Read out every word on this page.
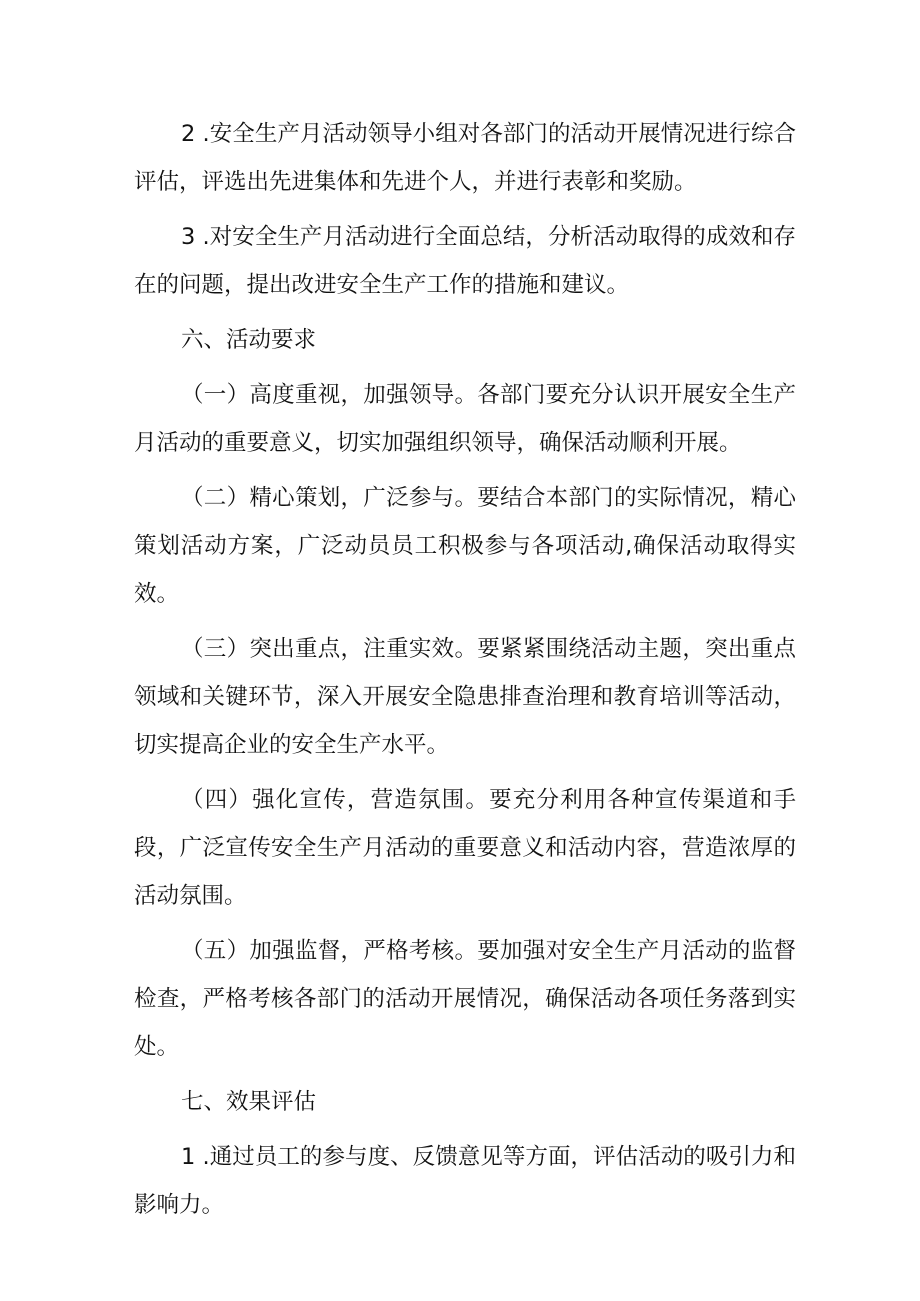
2 .安全生产月活动领导小组对各部门的活动开展情况进行综合评估，评选出先进集体和先进个人，并进行表彰和奖励。

3 .对安全生产月活动进行全面总结，分析活动取得的成效和存在的问题，提出改进安全生产工作的措施和建议。

六、活动要求

（一）高度重视，加强领导。各部门要充分认识开展安全生产月活动的重要意义，切实加强组织领导，确保活动顺利开展。

（二）精心策划，广泛参与。要结合本部门的实际情况，精心策划活动方案，广泛动员员工积极参与各项活动,确保活动取得实效。

（三）突出重点，注重实效。要紧紧围绕活动主题，突出重点领域和关键环节，深入开展安全隐患排查治理和教育培训等活动，切实提高企业的安全生产水平。

（四）强化宣传，营造氛围。要充分利用各种宣传渠道和手段，广泛宣传安全生产月活动的重要意义和活动内容，营造浓厚的活动氛围。

（五）加强监督，严格考核。要加强对安全生产月活动的监督检查，严格考核各部门的活动开展情况，确保活动各项任务落到实处。

七、效果评估

1 .通过员工的参与度、反馈意见等方面，评估活动的吸引力和影响力。
